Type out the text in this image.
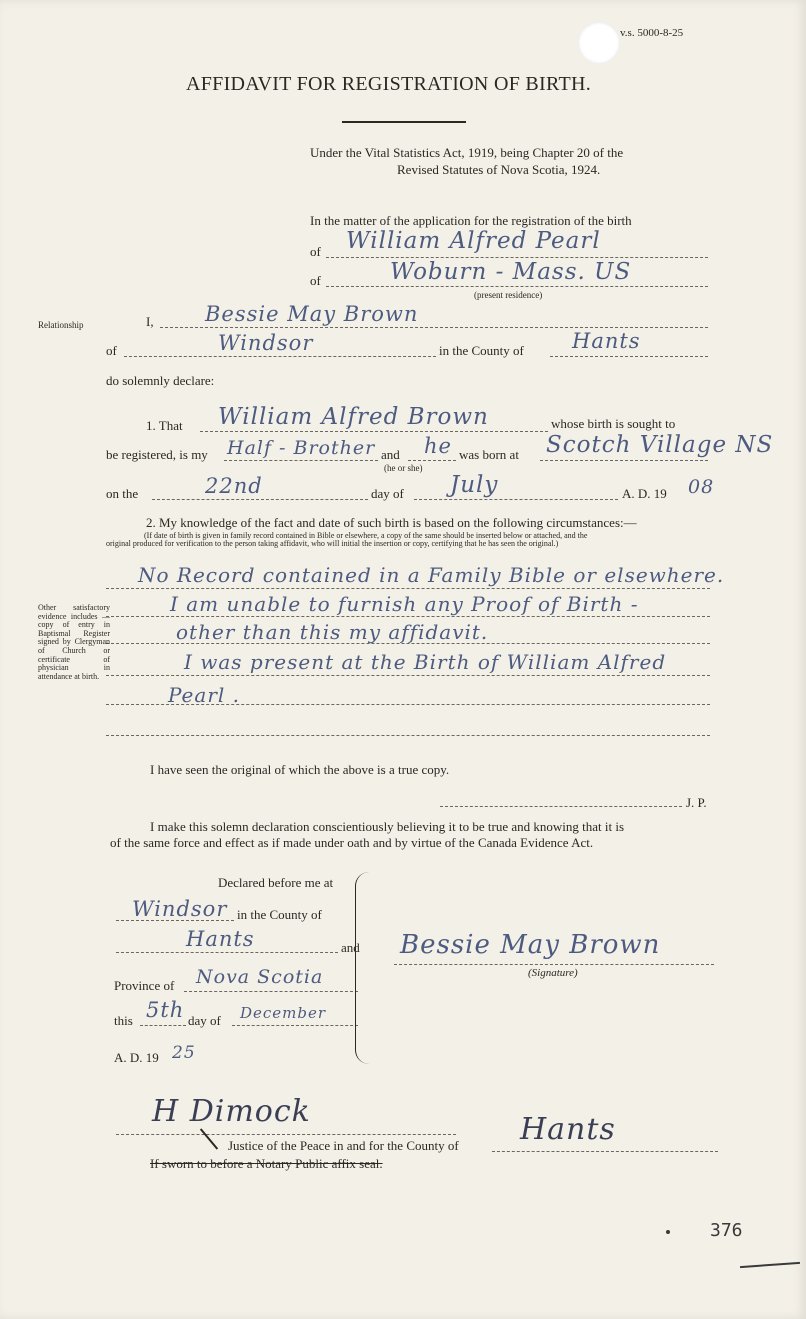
v.s. 5000-8-25
AFFIDAVIT FOR REGISTRATION OF BIRTH.
Under the Vital Statistics Act, 1919, being Chapter 20 of the
Revised Statutes of Nova Scotia, 1924.
In the matter of the application for the registration of the birth
of William Alfred Pearl
of	Woburn - Mass. US
(present residence)
Relationship	I, Bessie May Brown
of	Windsor	in the County of Hants
do solemnly declare:
1. That William Alfred Brown	whose birth is sought to
be registered, is my Half - Brother and he
(he or she)
was born at Scotch Village NS
on the	22nd	day of July	A. D. 19 08
2. My knowledge of the fact and date of such birth is based on the following circumstances:—
(If date of birth is given in family record contained in Bible or elsewhere, a copy of the same should be inserted below or attached, and the
original produced for verification to the person taking affidavit, who will initial the insertion or copy, certifying that he has seen the original.)
No Record contained in a Family Bible or elsewhere.
I am unable to furnish any Proof of Birth -
other than this my affidavit.
I was present at the Birth of William Alfred
Pearl .
Other satisfactory evidence includes —copy of entry in Baptismal Register signed by Clergyman of Church or certificate of physician in attendance at birth.
I have seen the original of which the above is a true copy.
J. P.
I make this solemn declaration conscientiously believing it to be true and knowing that it is
of the same force and effect as if made under oath and by virtue of the Canada Evidence Act.
Declared before me at
Windsor in the County of
Hants	and
Province of Nova Scotia
this 5th day of December
A. D. 19 25
Bessie May Brown
(Signature)
H Dimock
Justice of the Peace in and for the County of Hants
If sworn to before a Notary Public affix seal.
376
